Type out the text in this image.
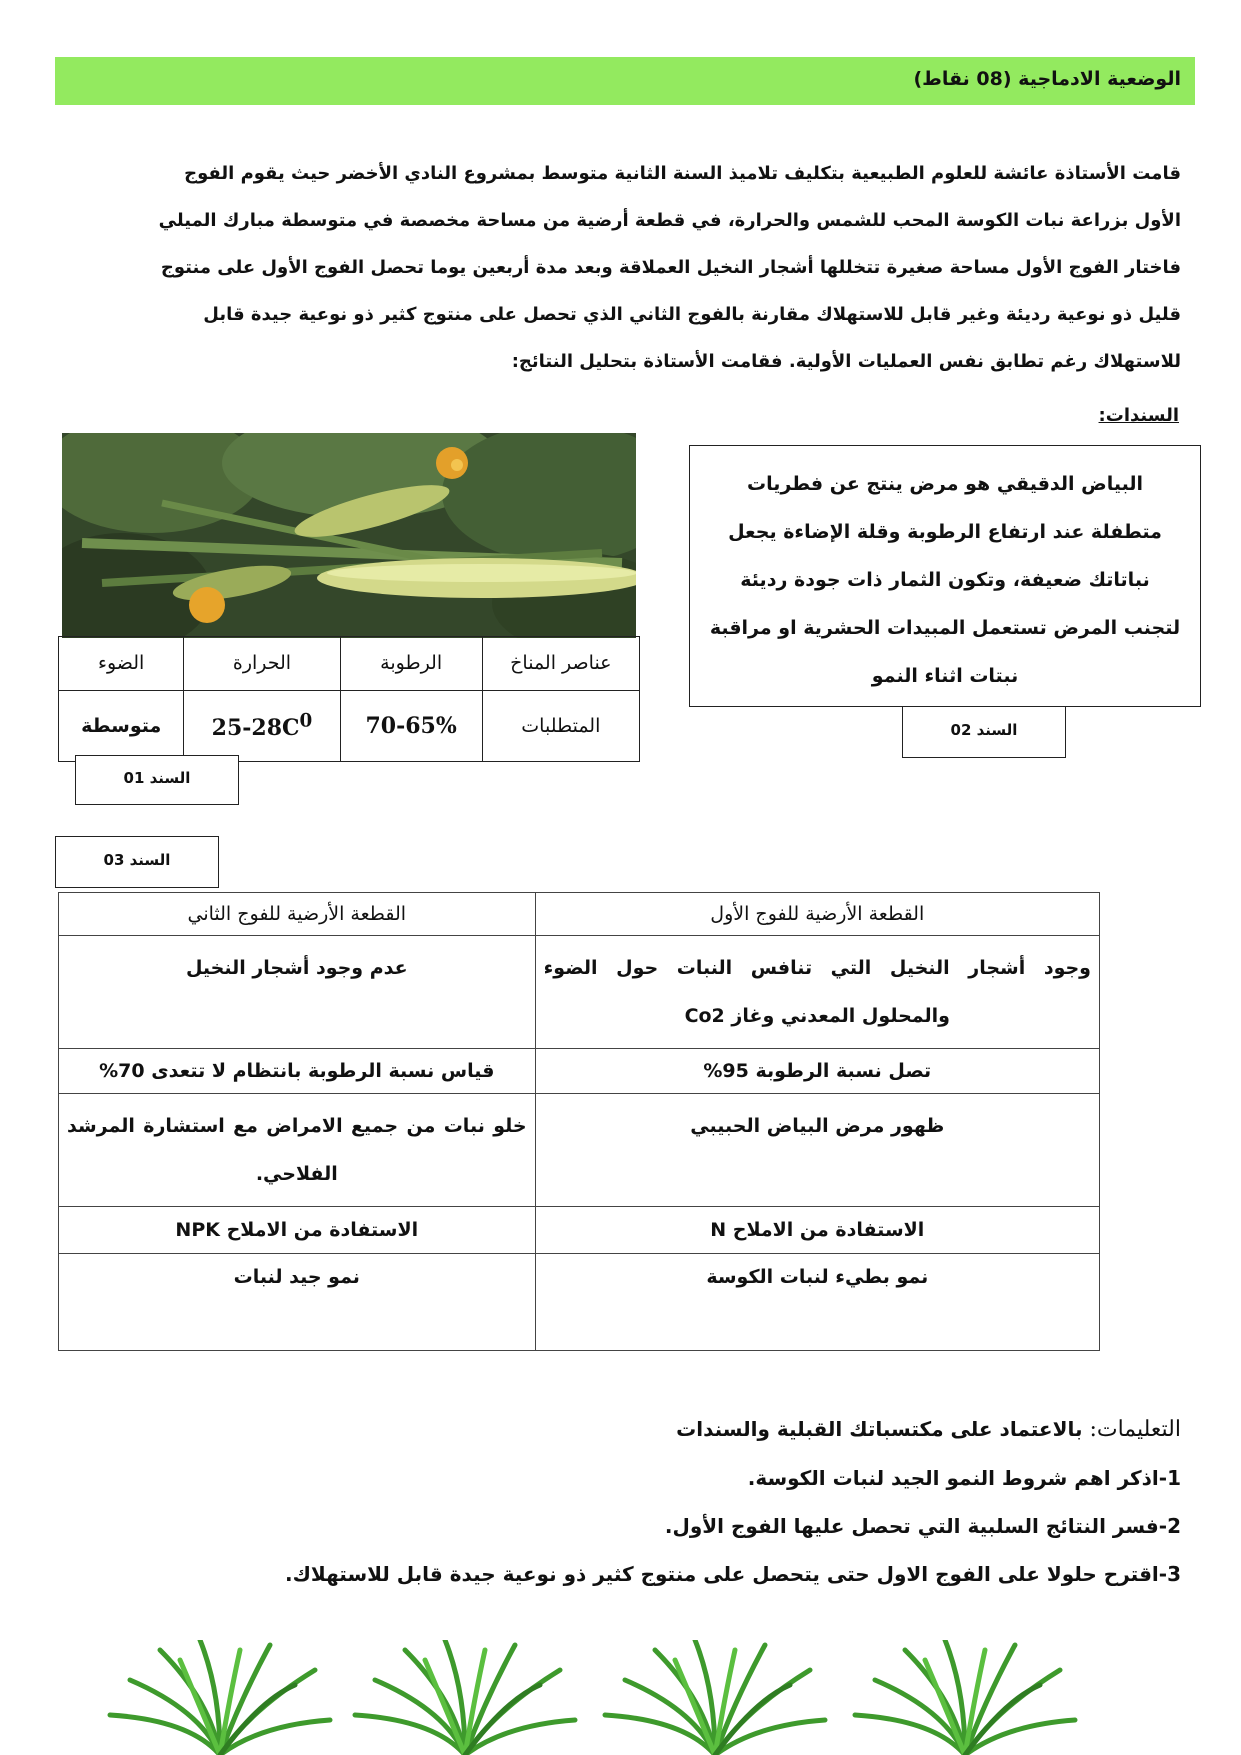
الوضعية الادماجية (08 نقاط)
قامت الأستاذة عائشة للعلوم الطبيعية بتكليف تلاميذ السنة الثانية متوسط بمشروع النادي الأخضر حيث يقوم الفوج
الأول بزراعة نبات الكوسة المحب للشمس والحرارة، في قطعة أرضية من مساحة مخصصة في متوسطة مبارك الميلي
فاختار الفوج الأول مساحة صغيرة تتخللها أشجار النخيل العملاقة وبعد مدة أربعين يوما تحصل الفوج الأول على منتوج
قليل ذو نوعية رديئة وغير قابل للاستهلاك مقارنة بالفوج الثاني الذي تحصل على منتوج كثير ذو نوعية جيدة قابل
للاستهلاك رغم تطابق نفس العمليات الأولية. فقامت الأستاذة بتحليل النتائج:
السندات:
عناصر المناخ	الرطوبة	الحرارة	الضوء
المتطلبات	70-65%	$25-28C^0$	متوسطة
السند 01
البياض الدقيقي هو مرض ينتج عن فطريات
متطفلة عند ارتفاع الرطوبة وقلة الإضاءة يجعل
نباتاتك ضعيفة، وتكون الثمار ذات جودة رديئة
لتجنب المرض تستعمل المبيدات الحشرية او مراقبة
نبتات اثناء النمو
السند 02
السند 03
القطعة الأرضية للفوج الأول	القطعة الأرضية للفوج الثاني
وجود أشجار النخيل التي تنافس النبات حول الضوء والمحلول المعدني وغاز Co2	عدم وجود أشجار النخيل
تصل نسبة الرطوبة 95%	قياس نسبة الرطوبة بانتظام لا تتعدى 70%
ظهور مرض البياض الحبيبي	خلو نبات من جميع الامراض مع استشارة المرشد الفلاحي.
الاستفادة من الاملاح N	الاستفادة من الاملاح NPK
نمو بطيء لنبات الكوسة	نمو جيد لنبات
التعليمات: بالاعتماد على مكتسباتك القبلية والسندات
1-اذكر اهم شروط النمو الجيد لنبات الكوسة.
2-فسر النتائج السلبية التي تحصل عليها الفوج الأول.
3-اقترح حلولا على الفوج الاول حتى يتحصل على منتوج كثير ذو نوعية جيدة قابل للاستهلاك.
